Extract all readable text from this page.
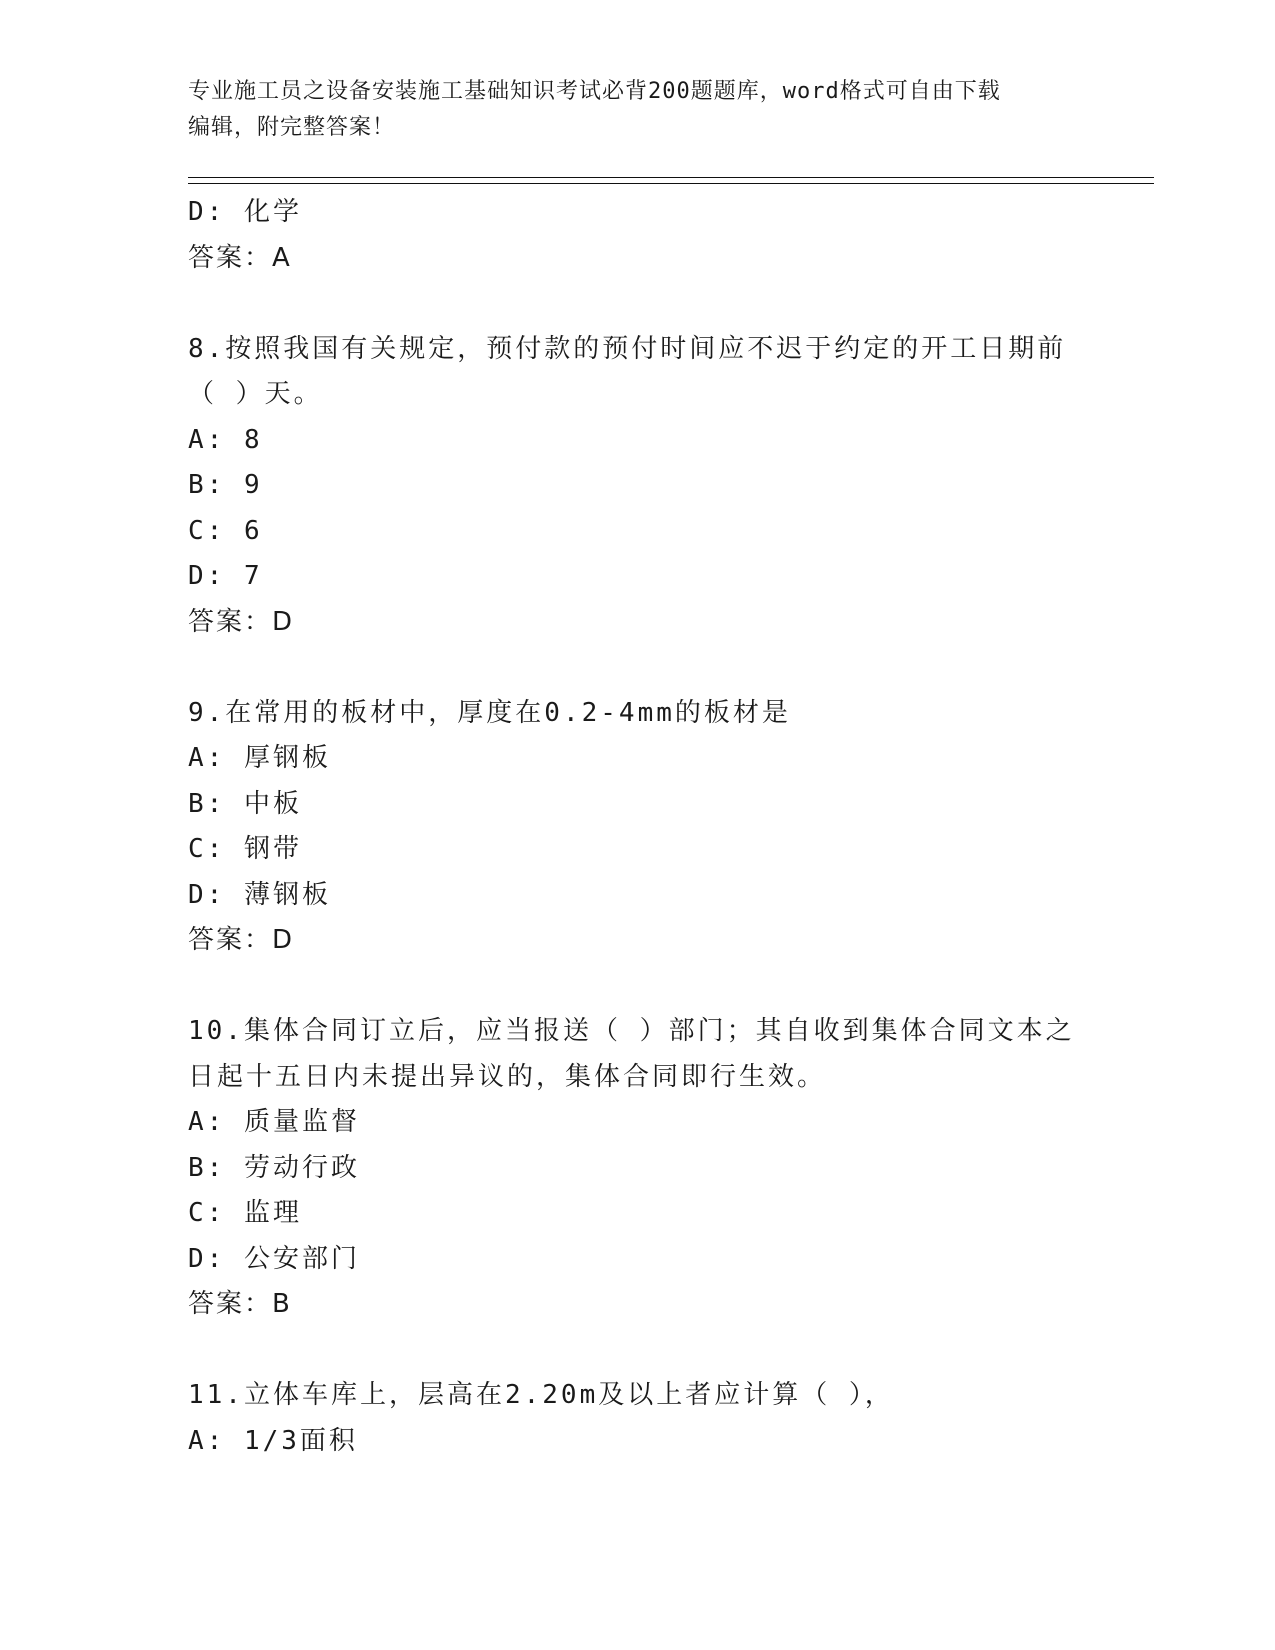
专业施工员之设备安装施工基础知识考试必背200题题库，word格式可自由下载
编辑，附完整答案！
D: 化学
答案：A
8.按照我国有关规定，预付款的预付时间应不迟于约定的开工日期前
（ ）天。
A: 8
B: 9
C: 6
D: 7
答案：D
9.在常用的板材中，厚度在0.2-4mm的板材是
A: 厚钢板
B: 中板
C: 钢带
D: 薄钢板
答案：D
10.集体合同订立后，应当报送（ ）部门；其自收到集体合同文本之
日起十五日内未提出异议的，集体合同即行生效。
A: 质量监督
B: 劳动行政
C: 监理
D: 公安部门
答案：B
11.立体车库上，层高在2.20m及以上者应计算（ ），
A: 1/3面积
